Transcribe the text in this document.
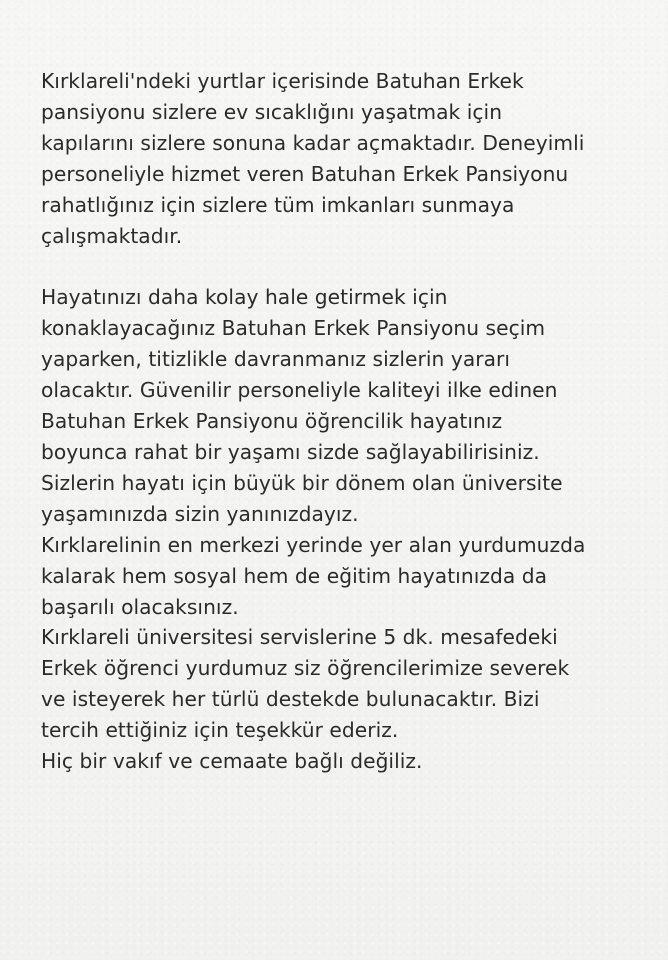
Kırklareli'ndeki yurtlar içerisinde Batuhan Erkek
pansiyonu sizlere ev sıcaklığını yaşatmak için
kapılarını sizlere sonuna kadar açmaktadır. Deneyimli
personeliyle hizmet veren Batuhan Erkek Pansiyonu
rahatlığınız için sizlere tüm imkanları sunmaya
çalışmaktadır.
Hayatınızı daha kolay hale getirmek için
konaklayacağınız Batuhan Erkek Pansiyonu seçim
yaparken, titizlikle davranmanız sizlerin yararı
olacaktır. Güvenilir personeliyle kaliteyi ilke edinen
Batuhan Erkek Pansiyonu öğrencilik hayatınız
boyunca rahat bir yaşamı sizde sağlayabilirisiniz.
Sizlerin hayatı için büyük bir dönem olan üniversite
yaşamınızda sizin yanınızdayız.
Kırklarelinin en merkezi yerinde yer alan yurdumuzda
kalarak hem sosyal hem de eğitim hayatınızda da
başarılı olacaksınız.
Kırklareli üniversitesi servislerine 5 dk. mesafedeki
Erkek öğrenci yurdumuz siz öğrencilerimize severek
ve isteyerek her türlü destekde bulunacaktır. Bizi
tercih ettiğiniz için teşekkür ederiz.
Hiç bir vakıf ve cemaate bağlı değiliz.
